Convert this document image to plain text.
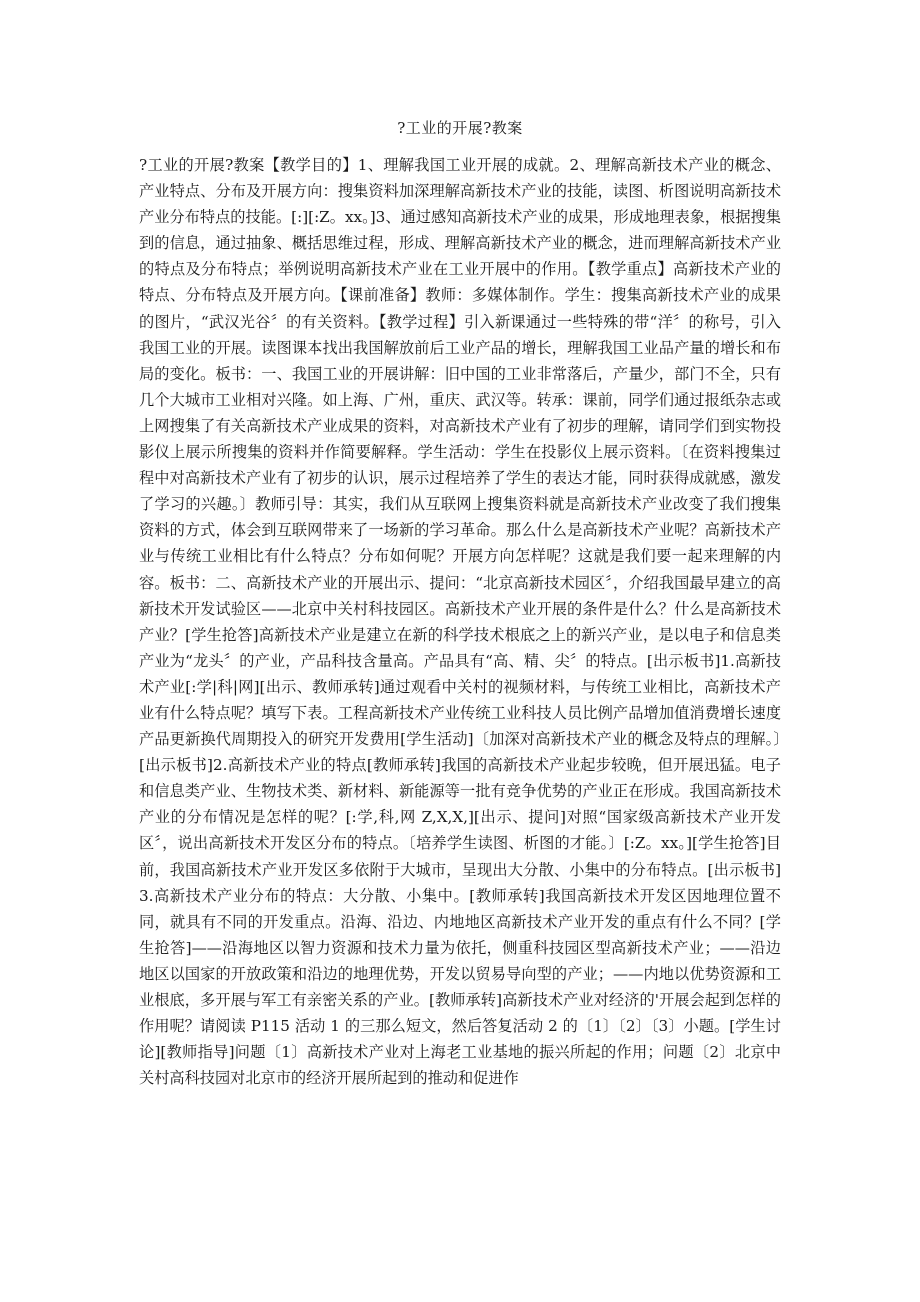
?工业的开展?教案

?工业的开展?教案【教学目的】1、理解我国工业开展的成就。2、理解高新技术产业的概念、产业特点、分布及开展方向：搜集资料加深理解高新技术产业的技能，读图、析图说明高新技术产业分布特点的技能。[:][:Z。xx。]3、通过感知高新技术产业的成果，形成地理表象，根据搜集到的信息，通过抽象、概括思维过程，形成、理解高新技术产业的概念，进而理解高新技术产业的特点及分布特点；举例说明高新技术产业在工业开展中的作用。【教学重点】高新技术产业的特点、分布特点及开展方向。【课前准备】教师：多媒体制作。学生：搜集高新技术产业的成果的图片，“武汉光谷〞的有关资料。【教学过程】引入新课通过一些特殊的带“洋〞的称号，引入我国工业的开展。读图课本找出我国解放前后工业产品的增长，理解我国工业品产量的增长和布局的变化。板书：一、我国工业的开展讲解：旧中国的工业非常落后，产量少，部门不全，只有几个大城市工业相对兴隆。如上海、广州，重庆、武汉等。转承：课前，同学们通过报纸杂志或上网搜集了有关高新技术产业成果的资料，对高新技术产业有了初步的理解，请同学们到实物投影仪上展示所搜集的资料并作简要解释。学生活动：学生在投影仪上展示资料。〔在资料搜集过程中对高新技术产业有了初步的认识，展示过程培养了学生的表达才能，同时获得成就感，激发了学习的兴趣。〕教师引导：其实，我们从互联网上搜集资料就是高新技术产业改变了我们搜集资料的方式，体会到互联网带来了一场新的学习革命。那么什么是高新技术产业呢？高新技术产业与传统工业相比有什么特点？分布如何呢？开展方向怎样呢？这就是我们要一起来理解的内容。板书：二、高新技术产业的开展出示、提问：“北京高新技术园区〞，介绍我国最早建立的高新技术开发试验区——北京中关村科技园区。高新技术产业开展的条件是什么？什么是高新技术产业？[学生抢答]高新技术产业是建立在新的科学技术根底之上的新兴产业，是以电子和信息类产业为“龙头〞的产业，产品科技含量高。产品具有“高、精、尖〞的特点。[出示板书]1.高新技术产业[:学|科|网][出示、教师承转]通过观看中关村的视频材料，与传统工业相比，高新技术产业有什么特点呢？填写下表。工程高新技术产业传统工业科技人员比例产品增加值消费增长速度产品更新换代周期投入的研究开发费用[学生活动]〔加深对高新技术产业的概念及特点的理解。〕[出示板书]2.高新技术产业的特点[教师承转]我国的高新技术产业起步较晚，但开展迅猛。电子和信息类产业、生物技术类、新材料、新能源等一批有竞争优势的产业正在形成。我国高新技术产业的分布情况是怎样的呢？[:学,科,网 Z,X,X,][出示、提问]对照“国家级高新技术产业开发区〞，说出高新技术开发区分布的特点。〔培养学生读图、析图的才能。〕[:Z。xx。][学生抢答]目前，我国高新技术产业开发区多依附于大城市，呈现出大分散、小集中的分布特点。[出示板书]3.高新技术产业分布的特点：大分散、小集中。[教师承转]我国高新技术开发区因地理位置不同，就具有不同的开发重点。沿海、沿边、内地地区高新技术产业开发的重点有什么不同？[学生抢答]——沿海地区以智力资源和技术力量为依托，侧重科技园区型高新技术产业；——沿边地区以国家的开放政策和沿边的地理优势，开发以贸易导向型的产业；——内地以优势资源和工业根底，多开展与军工有亲密关系的产业。[教师承转]高新技术产业对经济的'开展会起到怎样的作用呢？请阅读 P115 活动 1 的三那么短文，然后答复活动 2 的〔1〕〔2〕〔3〕小题。[学生讨论][教师指导]问题〔1〕高新技术产业对上海老工业基地的振兴所起的作用；问题〔2〕北京中关村高科技园对北京市的经济开展所起到的推动和促进作
